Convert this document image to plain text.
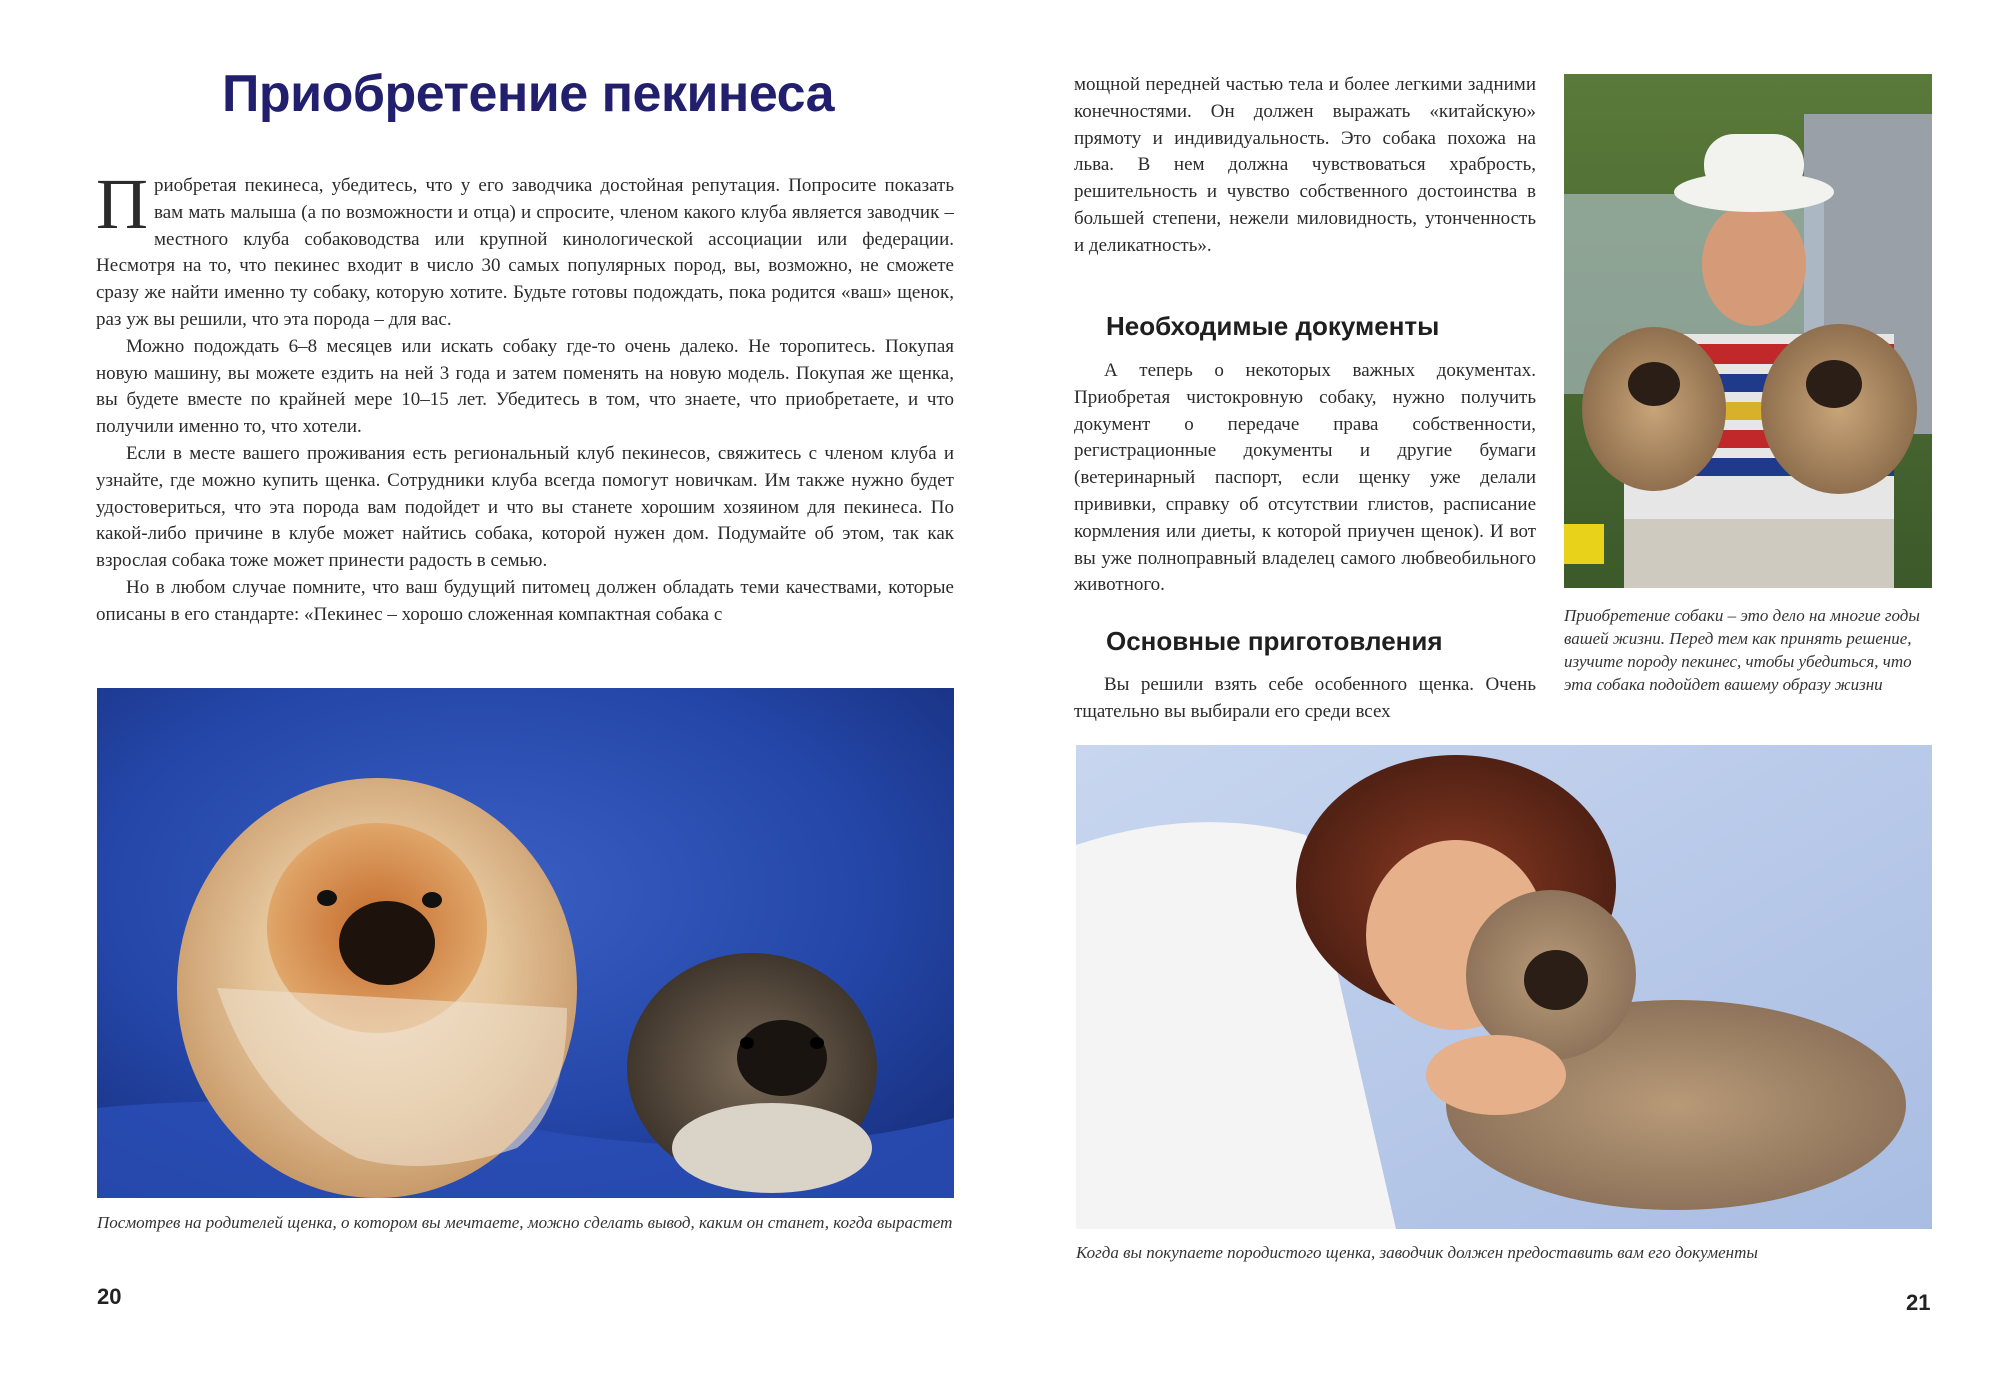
Приобретение пекинеса

Приобретая пекинеса, убедитесь, что у его заводчика достойная репутация. Попросите показать вам мать малыша (а по возможности и отца) и спросите, членом какого клуба является заводчик – местного клуба собаководства или крупной кинологической ассоциации или федерации. Несмотря на то, что пекинес входит в число 30 самых популярных пород, вы, возможно, не сможете сразу же найти именно ту собаку, которую хотите. Будьте готовы подождать, пока родится «ваш» щенок, раз уж вы решили, что эта порода – для вас.

Можно подождать 6–8 месяцев или искать собаку где-то очень далеко. Не торопитесь. Покупая новую машину, вы можете ездить на ней 3 года и затем поменять на новую модель. Покупая же щенка, вы будете вместе по крайней мере 10–15 лет. Убедитесь в том, что знаете, что приобретаете, и что получили именно то, что хотели.

Если в месте вашего проживания есть региональный клуб пекинесов, свяжитесь с членом клуба и узнайте, где можно купить щенка. Сотрудники клуба всегда помогут новичкам. Им также нужно будет удостовериться, что эта порода вам подойдет и что вы станете хорошим хозяином для пекинеса. По какой-либо причине в клубе может найтись собака, которой нужен дом. Подумайте об этом, так как взрослая собака тоже может принести радость в семью.

Но в любом случае помните, что ваш будущий питомец должен обладать теми качествами, которые описаны в его стандарте: «Пекинес – хорошо сложенная компактная собака с

Посмотрев на родителей щенка, о котором вы мечтаете, можно сделать вывод, каким он станет, когда вырастет

20

мощной передней частью тела и более легкими задними конечностями. Он должен выражать «китайскую» прямоту и индивидуальность. Это собака похожа на льва. В нем должна чувствоваться храбрость, решительность и чувство собственного достоинства в большей степени, нежели миловидность, утонченность и деликатность».

Необходимые документы

А теперь о некоторых важных документах. Приобретая чистокровную собаку, нужно получить документ о передаче права собственности, регистрационные документы и другие бумаги (ветеринарный паспорт, если щенку уже делали прививки, справку об отсутствии глистов, расписание кормления или диеты, к которой приучен щенок). И вот вы уже полноправный владелец самого любвеобильного животного.

Основные приготовления

Вы решили взять себе особенного щенка. Очень тщательно вы выбирали его среди всех

Приобретение собаки – это дело на многие годы вашей жизни. Перед тем как принять решение, изучите породу пекинес, чтобы убедиться, что эта собака подойдет вашему образу жизни

Когда вы покупаете породистого щенка, заводчик должен предоставить вам его документы

21
